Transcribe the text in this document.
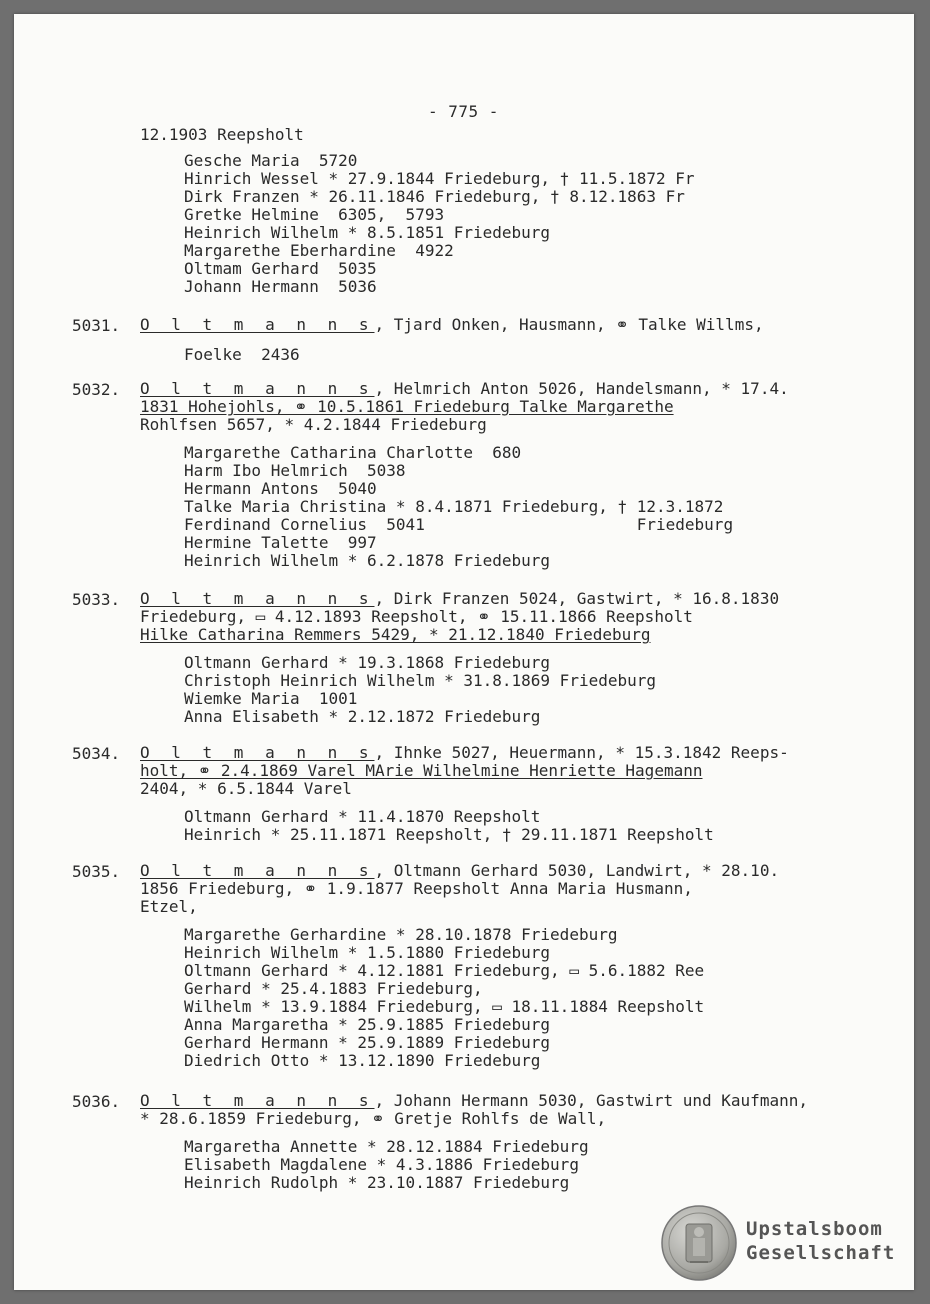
- 775 -
12.1903 Reepsholt
Gesche Maria  5720
Hinrich Wessel * 27.9.1844 Friedeburg, † 11.5.1872 Fr
Dirk Franzen * 26.11.1846 Friedeburg, † 8.12.1863 Fr
Gretke Helmine  6305,  5793
Heinrich Wilhelm * 8.5.1851 Friedeburg
Margarethe Eberhardine  4922
Oltmam Gerhard  5035
Johann Hermann  5036
5031. O l t m a n n s, Tjard Onken, Hausmann, ⚭ Talke Willms,
Foelke  2436
5032. O l t m a n n s, Helmrich Anton 5026, Handelsmann, * 17.4.
1831 Hohejohls, ⚭ 10.5.1861 Friedeburg Talke Margarethe
Rohlfsen 5657, * 4.2.1844 Friedeburg
Margarethe Catharina Charlotte  680
Harm Ibo Helmrich  5038
Hermann Antons  5040
Talke Maria Christina * 8.4.1871 Friedeburg, † 12.3.1872
Ferdinand Cornelius  5041                      Friedeburg
Hermine Talette  997
Heinrich Wilhelm * 6.2.1878 Friedeburg
5033. O l t m a n n s, Dirk Franzen 5024, Gastwirt, * 16.8.1830
Friedeburg, ▭ 4.12.1893 Reepsholt, ⚭ 15.11.1866 Reepsholt
Hilke Catharina Remmers 5429, * 21.12.1840 Friedeburg
Oltmann Gerhard * 19.3.1868 Friedeburg
Christoph Heinrich Wilhelm * 31.8.1869 Friedeburg
Wiemke Maria  1001
Anna Elisabeth * 2.12.1872 Friedeburg
5034. O l t m a n n s, Ihnke 5027, Heuermann, * 15.3.1842 Reeps-
holt, ⚭ 2.4.1869 Varel MArie Wilhelmine Henriette Hagemann
2404, * 6.5.1844 Varel
Oltmann Gerhard * 11.4.1870 Reepsholt
Heinrich * 25.11.1871 Reepsholt, † 29.11.1871 Reepsholt
5035. O l t m a n n s, Oltmann Gerhard 5030, Landwirt, * 28.10.
1856 Friedeburg, ⚭ 1.9.1877 Reepsholt Anna Maria Husmann,
Etzel,
Margarethe Gerhardine * 28.10.1878 Friedeburg
Heinrich Wilhelm * 1.5.1880 Friedeburg
Oltmann Gerhard * 4.12.1881 Friedeburg, ▭ 5.6.1882 Ree
Gerhard * 25.4.1883 Friedeburg,
Wilhelm * 13.9.1884 Friedeburg, ▭ 18.11.1884 Reepsholt
Anna Margaretha * 25.9.1885 Friedeburg
Gerhard Hermann * 25.9.1889 Friedeburg
Diedrich Otto * 13.12.1890 Friedeburg
5036. O l t m a n n s, Johann Hermann 5030, Gastwirt und Kaufmann,
* 28.6.1859 Friedeburg, ⚭ Gretje Rohlfs de Wall,
Margaretha Annette * 28.12.1884 Friedeburg
Elisabeth Magdalene * 4.3.1886 Friedeburg
Heinrich Rudolph * 23.10.1887 Friedeburg
Upstalsboom
Gesellschaft
